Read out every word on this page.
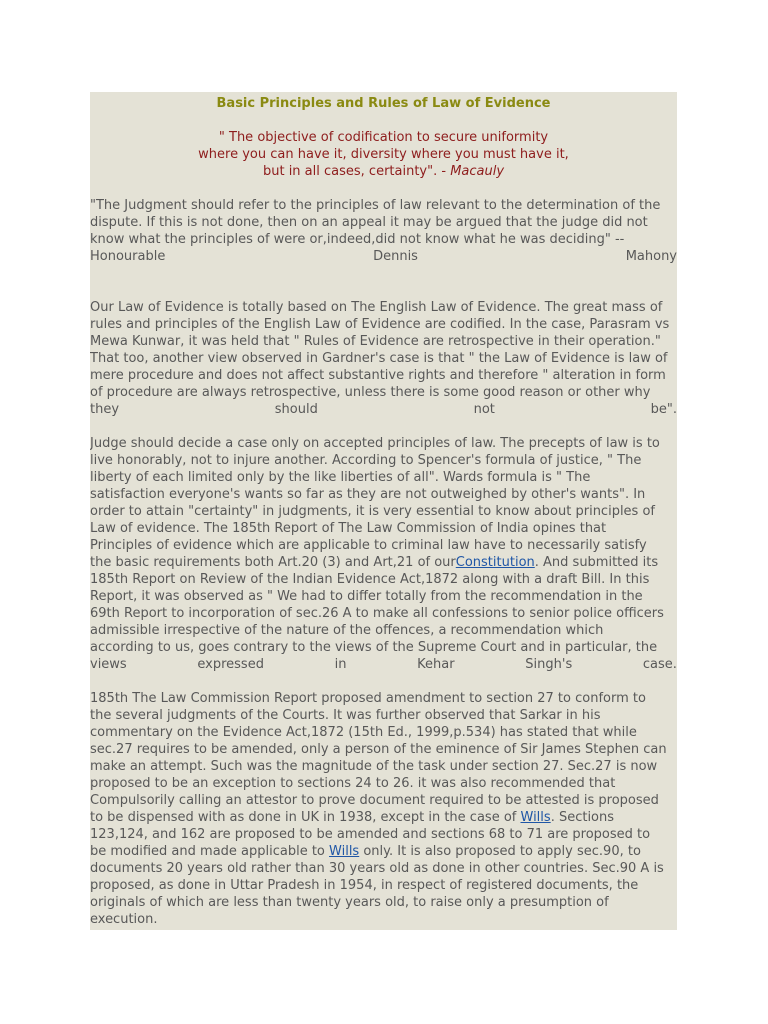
Basic Principles and Rules of Law of Evidence
" The objective of codification to secure uniformity
where you can have it, diversity where you must have it,
but in all cases, certainty". - Macauly
"The Judgment should refer to the principles of law relevant to the determination of the
dispute. If this is not done, then on an appeal it may be argued that the judge did not
know what the principles of were or,indeed,did not know what he was deciding" --
Honourable	Dennis	Mahony
Our Law of Evidence is totally based on The English Law of Evidence. The great mass of
rules and principles of the English Law of Evidence are codified. In the case, Parasram vs
Mewa Kunwar, it was held that " Rules of Evidence are retrospective in their operation."
That too, another view observed in Gardner's case is that " the Law of Evidence is law of
mere procedure and does not affect substantive rights and therefore " alteration in form
of procedure are always retrospective, unless there is some good reason or other why
they	should	not	be".
Judge should decide a case only on accepted principles of law. The precepts of law is to
live honorably, not to injure another. According to Spencer's formula of justice, " The
liberty of each limited only by the like liberties of all". Wards formula is " The
satisfaction everyone's wants so far as they are not outweighed by other's wants". In
order to attain "certainty" in judgments, it is very essential to know about principles of
Law of evidence. The 185th Report of The Law Commission of India opines that
Principles of evidence which are applicable to criminal law have to necessarily satisfy
the basic requirements both Art.20 (3) and Art,21 of ourConstitution. And submitted its
185th Report on Review of the Indian Evidence Act,1872 along with a draft Bill. In this
Report, it was observed as " We had to differ totally from the recommendation in the
69th Report to incorporation of sec.26 A to make all confessions to senior police officers
admissible irrespective of the nature of the offences, a recommendation which
according to us, goes contrary to the views of the Supreme Court and in particular, the
views	expressed	in	Kehar	Singh's	case.
185th The Law Commission Report proposed amendment to section 27 to conform to
the several judgments of the Courts. It was further observed that Sarkar in his
commentary on the Evidence Act,1872 (15th Ed., 1999,p.534) has stated that while
sec.27 requires to be amended, only a person of the eminence of Sir James Stephen can
make an attempt. Such was the magnitude of the task under section 27. Sec.27 is now
proposed to be an exception to sections 24 to 26. it was also recommended that
Compulsorily calling an attestor to prove document required to be attested is proposed
to be dispensed with as done in UK in 1938, except in the case of Wills. Sections
123,124, and 162 are proposed to be amended and sections 68 to 71 are proposed to
be modified and made applicable to Wills only. It is also proposed to apply sec.90, to
documents 20 years old rather than 30 years old as done in other countries. Sec.90 A is
proposed, as done in Uttar Pradesh in 1954, in respect of registered documents, the
originals of which are less than twenty years old, to raise only a presumption of
execution.
